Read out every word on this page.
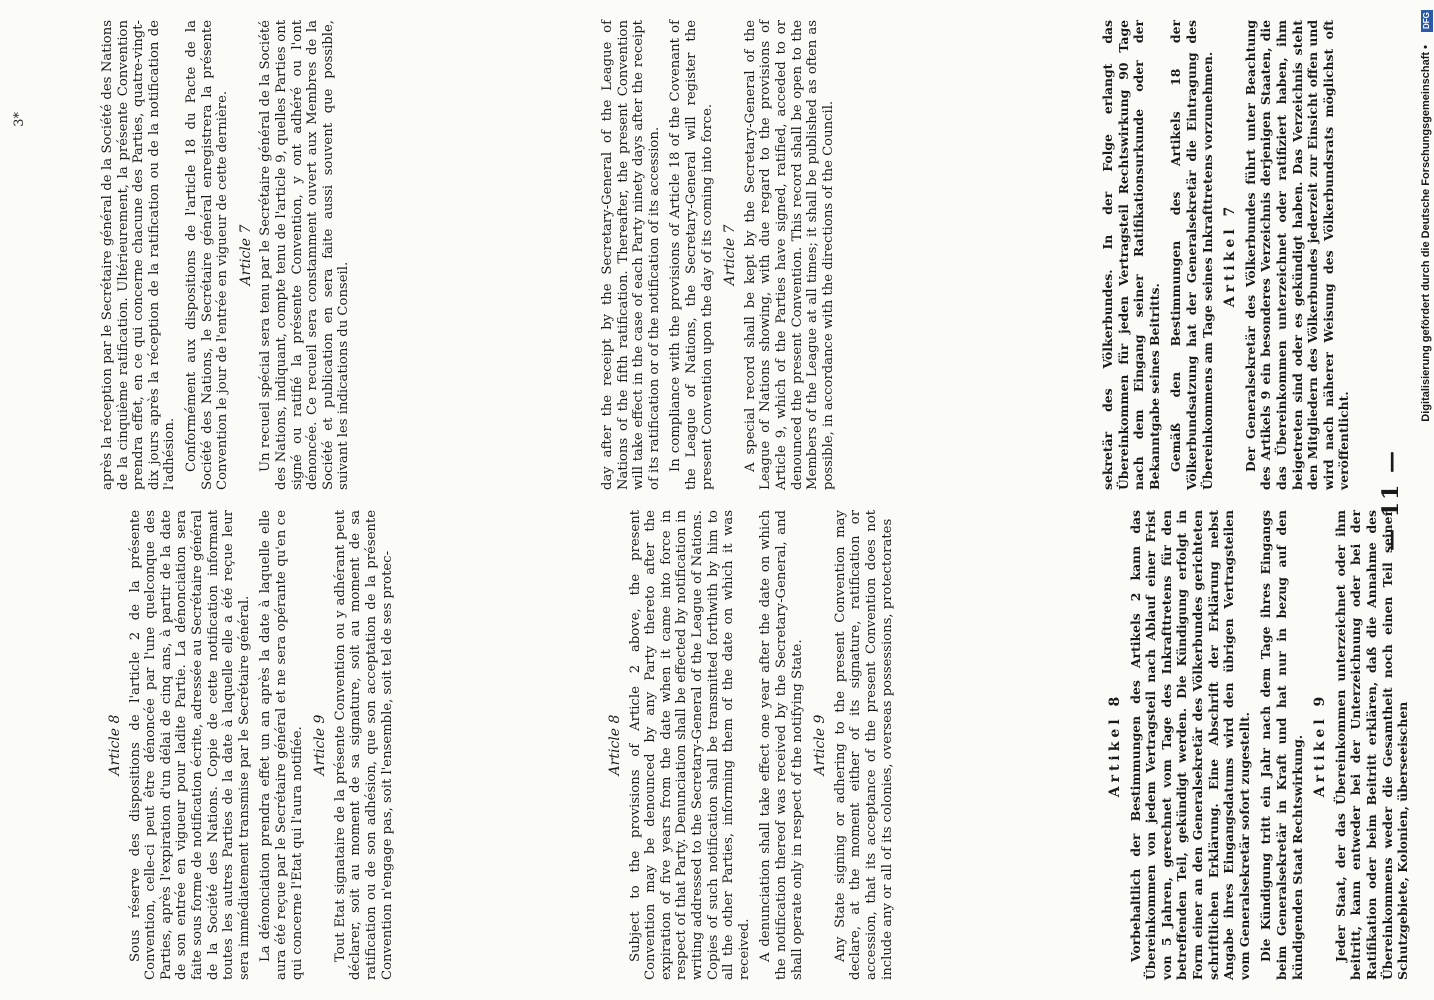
— 11 —

après la réception par le Secrétaire général de la Société des Nations de la cinquième ratification. Ultérieurement, la présente Convention prendra effet, en ce qui concerne chacune des Parties, quatre-vingt-dix jours après la réception de la ratification ou de la notification de l'adhésion. Conformément aux dispositions de l'article 18 du Pacte de la Société des Nations, le Secrétaire général enregistrera la présente Convention le jour de l'entrée en vigueur de cette dernière. Article 7 Un recueil spécial sera tenu par le Secrétaire général de la Société des Nations, indiquant, compte tenu de l'article 9, quelles Parties ont signé ou ratifié la présente Convention, y ont adhéré ou l'ont dénoncée. Ce recueil sera constamment ouvert aux Membres de la Société et publication en sera faite aussi souvent que possible, suivant les indications du Conseil.	day after the receipt by the Secretary-General of the League of Nations of the fifth ratification. Thereafter, the present Convention will take effect in the case of each Party ninety days after the receipt of its ratification or of the notification of its accession. In compliance with the provisions of Article 18 of the Covenant of the League of Nations, the Secretary-General will register the present Convention upon the day of its coming into force. Article 7 A special record shall be kept by the Secretary-General of the League of Nations showing, with due regard to the provisions of Article 9, which of the Parties have signed, ratified, acceded to or denounced the present Convention. This record shall be open to the Members of the League at all times; it shall be published as often as possible, in accordance with the directions of the Council.	sekretär des Völkerbundes. In der Folge erlangt das Übereinkommen für jeden Vertragsteil Rechtswirkung 90 Tage nach dem Eingang seiner Ratifikationsurkunde oder der Bekanntgabe seines Beitritts. Gemäß den Bestimmungen des Artikels 18 der Völkerbundsatzung hat der Generalsekretär die Eintragung des Übereinkommens am Tage seines Inkrafttretens vorzunehmen. Artikel 7 Der Generalsekretär des Völkerbundes führt unter Beachtung des Artikels 9 ein besonderes Verzeichnis derjenigen Staaten, die das Übereinkommen unterzeichnet oder ratifiziert haben, ihm beigetreten sind oder es gekündigt haben. Das Verzeichnis steht den Mitgliedern des Völkerbundes jederzeit zur Einsicht offen und wird nach näherer Weisung des Völkerbundsrats möglichst oft veröffentlicht.

Article 8 Sous réserve des dispositions de l'article 2 de la présente Convention, celle-ci peut être dénoncée par l'une quelconque des Parties, après l'expiration d'un délai de cinq ans, à partir de la date de son entrée en vigueur pour ladite Partie. La dénonciation sera faite sous forme de notification écrite, adressée au Secrétaire général de la Société des Nations. Copie de cette notification informant toutes les autres Parties de la date à laquelle elle a été reçue leur sera immédiatement transmise par le Secrétaire général. La dénonciation prendra effet un an après la date à laquelle elle aura été reçue par le Secrétaire général et ne sera opérante qu'en ce qui concerne l'Etat qui l'aura notifiée. Article 9 Tout Etat signataire de la présente Convention ou y adhérant peut déclarer, soit au moment de sa signature, soit au moment de sa ratification ou de son adhésion, que son acceptation de la présente Convention n'engage pas, soit l'ensemble, soit tel de ses protec-	Article 8 Subject to the provisions of Article 2 above, the present Convention may be denounced by any Party thereto after the expiration of five years from the date when it came into force in respect of that Party. Denunciation shall be effected by notification in writing addressed to the Secretary-General of the League of Nations. Copies of such notification shall be transmitted forthwith by him to all the other Parties, informing them of the date on which it was received. A denunciation shall take effect one year after the date on which the notification thereof was received by the Secretary-General, and shall operate only in respect of the notifying State. Article 9 Any State signing or adhering to the present Convention may declare, at the moment either of its signature, ratification or accession, that its acceptance of the present Convention does not include any or all of its colonies, overseas possessions, protectorates	Artikel 8 Vorbehaltlich der Bestimmungen des Artikels 2 kann das Übereinkommen von jedem Vertragsteil nach Ablauf einer Frist von 5 Jahren, gerechnet vom Tage des Inkrafttretens für den betreffenden Teil, gekündigt werden. Die Kündigung erfolgt in Form einer an den Generalsekretär des Völkerbundes gerichteten schriftlichen Erklärung. Eine Abschrift der Erklärung nebst Angabe ihres Eingangsdatums wird den übrigen Vertragsteilen vom Generalsekretär sofort zugestellt. Die Kündigung tritt ein Jahr nach dem Tage ihres Eingangs beim Generalsekretär in Kraft und hat nur in bezug auf den kündigenden Staat Rechtswirkung. Artikel 9 Jeder Staat, der das Übereinkommen unterzeichnet oder ihm beitritt, kann entweder bei der Unterzeichnung oder bei der Ratifikation oder beim Beitritt erklären, daß die Annahme des Übereinkommens weder die Gesamtheit noch einen Teil seiner Schutzgebiete, Kolonien, überseeischen

3*	Digitalisierung gefördert durch die Deutsche Forschungsgemeinschaft •
DFG
